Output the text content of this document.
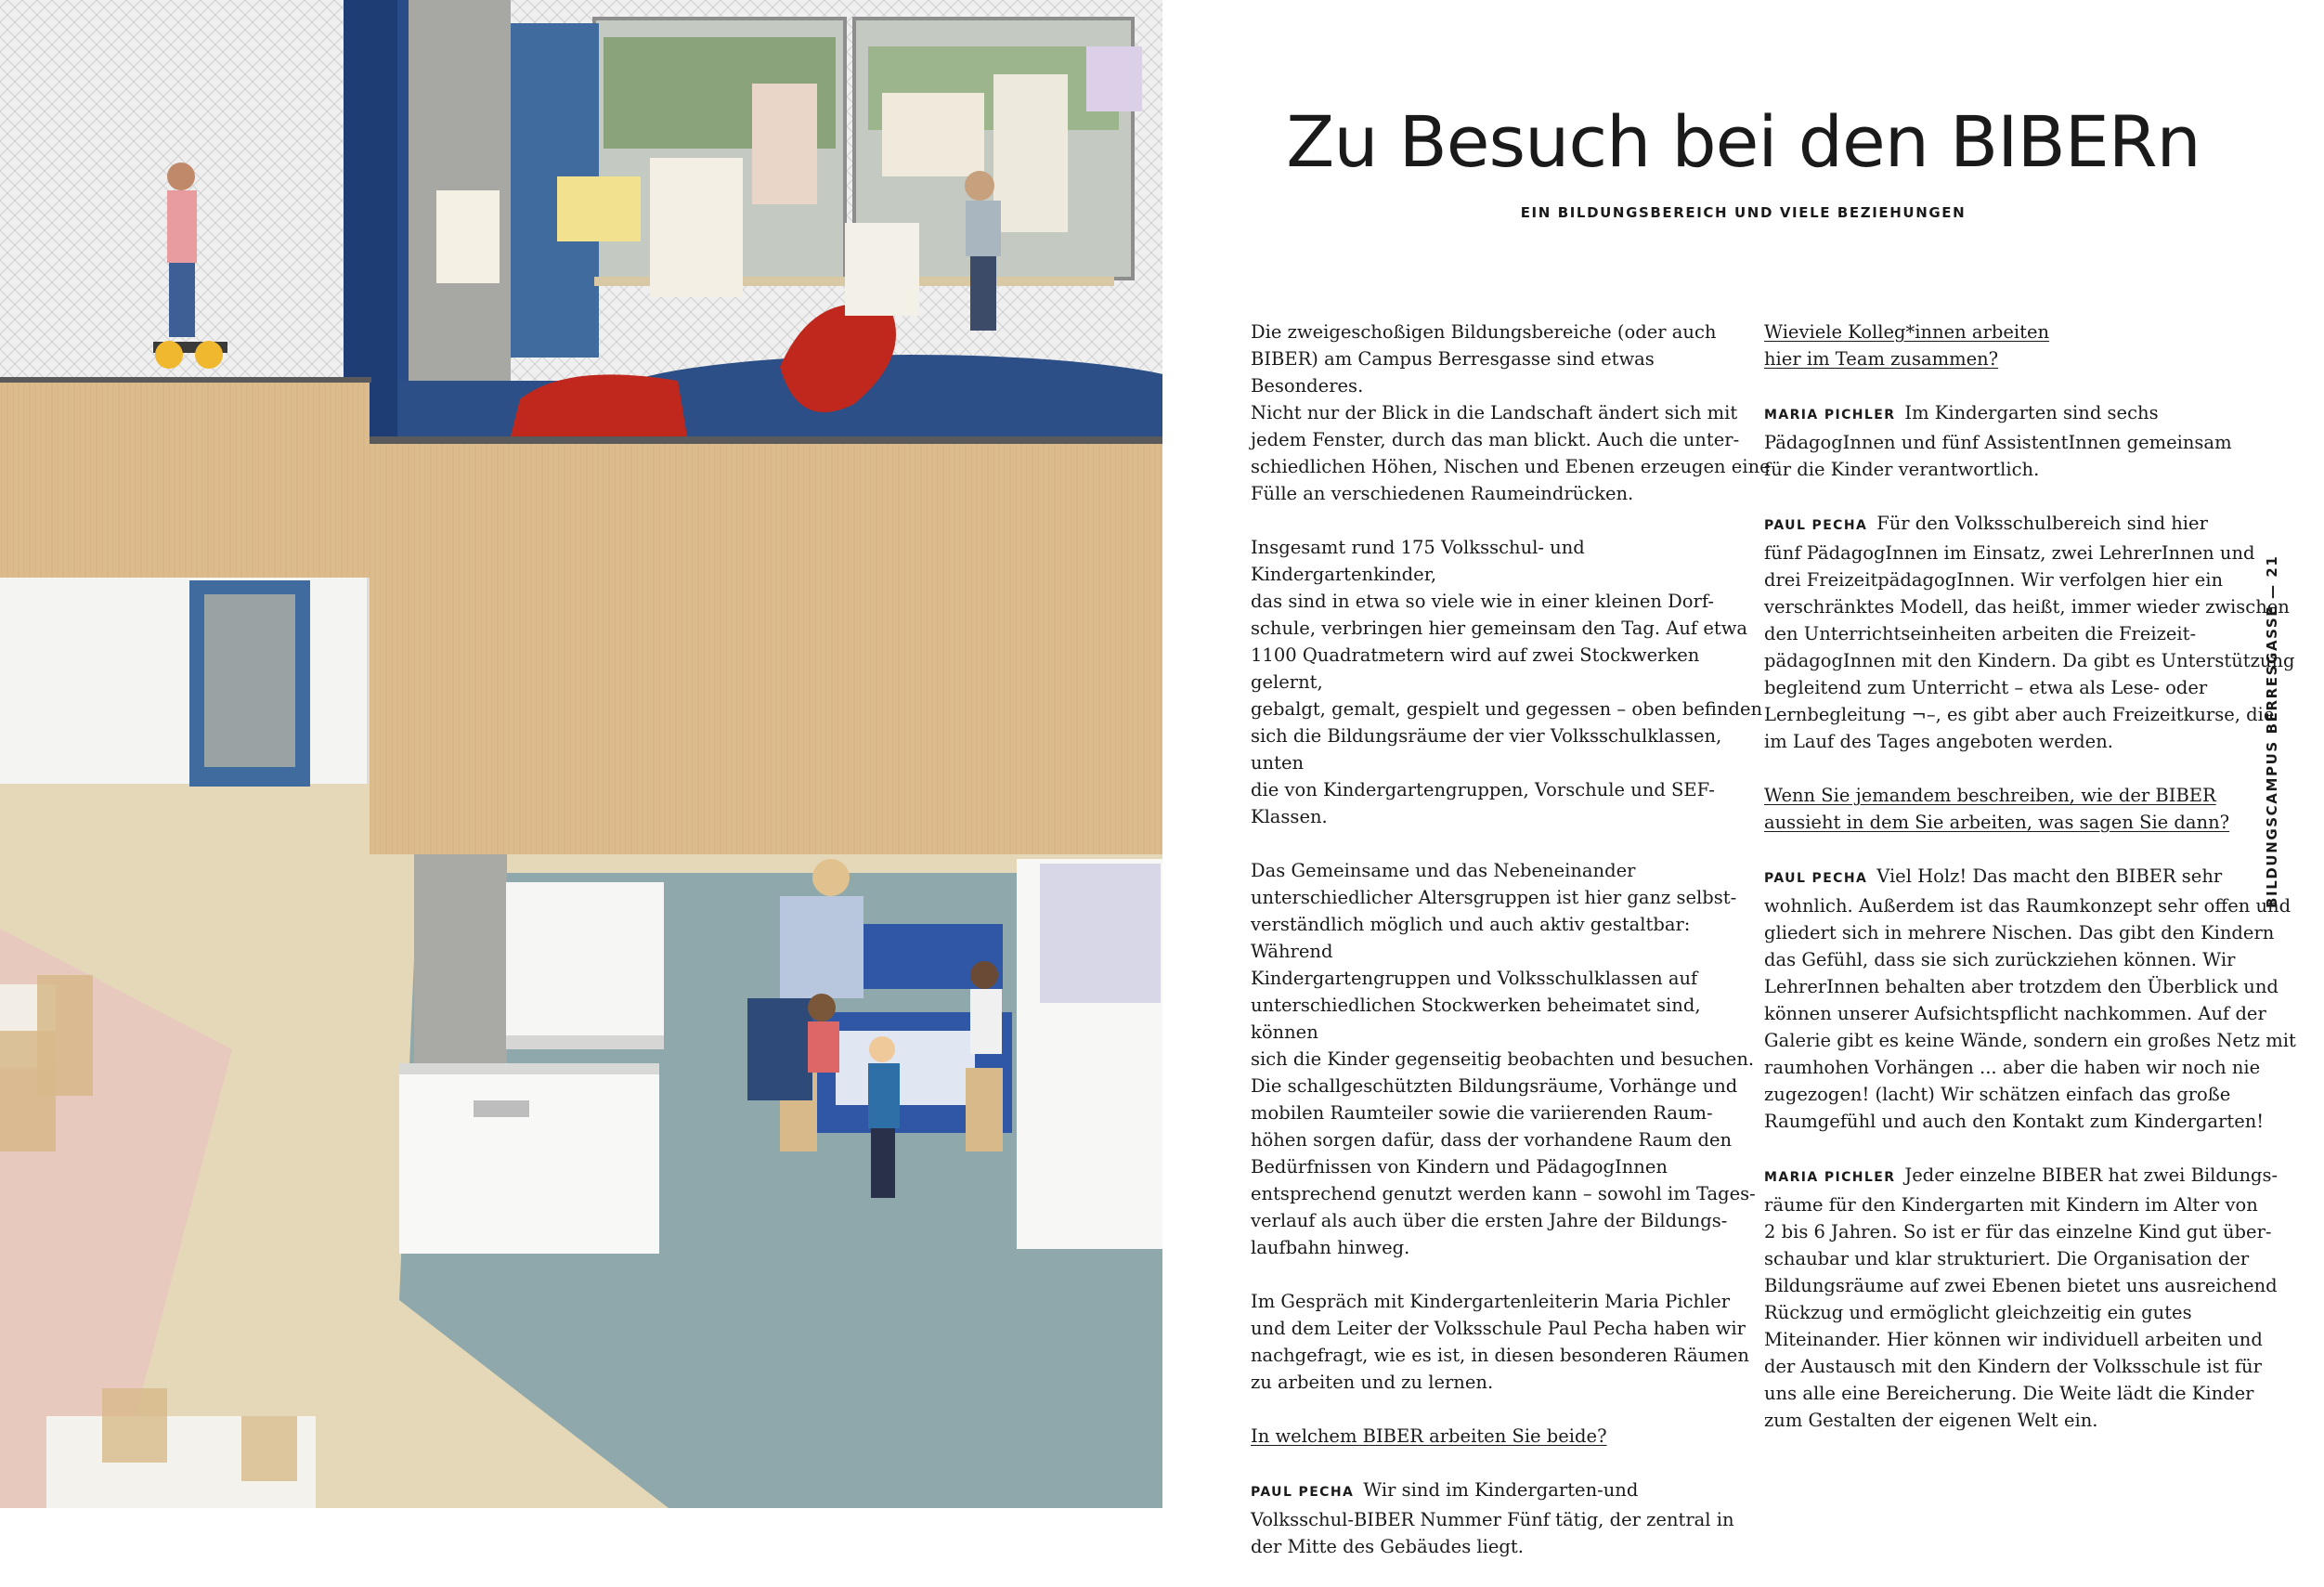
Zu Besuch bei den BIBERn
EIN BILDUNGSBEREICH UND VIELE BEZIEHUNGEN

Die zweigeschoßigen Bildungsbereiche (oder auch
BIBER) am Campus Berresgasse sind etwas Besonderes.
Nicht nur der Blick in die Landschaft ändert sich mit
jedem Fenster, durch das man blickt. Auch die unter-
schiedlichen Höhen, Nischen und Ebenen erzeugen eine
Fülle an verschiedenen Raumeindrücken.

Insgesamt rund 175 Volksschul- und Kindergartenkinder,
das sind in etwa so viele wie in einer kleinen Dorf-
schule, verbringen hier gemeinsam den Tag. Auf etwa
1100 Quadratmetern wird auf zwei Stockwerken gelernt,
gebalgt, gemalt, gespielt und gegessen – oben befinden
sich die Bildungsräume der vier Volksschulklassen, unten
die von Kindergartengruppen, Vorschule und SEF-Klassen.

Das Gemeinsame und das Nebeneinander
unterschiedlicher Altersgruppen ist hier ganz selbst-
verständlich möglich und auch aktiv gestaltbar: Während
Kindergartengruppen und Volksschulklassen auf
unterschiedlichen Stockwerken beheimatet sind, können
sich die Kinder gegenseitig beobachten und besuchen.
Die schallgeschützten Bildungsräume, Vorhänge und
mobilen Raumteiler sowie die variierenden Raum-
höhen sorgen dafür, dass der vorhandene Raum den
Bedürfnissen von Kindern und PädagogInnen
entsprechend genutzt werden kann – sowohl im Tages-
verlauf als auch über die ersten Jahre der Bildungs-
laufbahn hinweg.

Im Gespräch mit Kindergartenleiterin Maria Pichler
und dem Leiter der Volksschule Paul Pecha haben wir
nachgefragt, wie es ist, in diesen besonderen Räumen
zu arbeiten und zu lernen.

In welchem BIBER arbeiten Sie beide?

PAUL PECHA Wir sind im Kindergarten-und
Volksschul-BIBER Nummer Fünf tätig, der zentral in
der Mitte des Gebäudes liegt.

Wieviele Kolleg*innen arbeiten
hier im Team zusammen?

MARIA PICHLER Im Kindergarten sind sechs
PädagogInnen und fünf AssistentInnen gemeinsam
für die Kinder verantwortlich.

PAUL PECHA Für den Volksschulbereich sind hier
fünf PädagogInnen im Einsatz, zwei LehrerInnen und
drei FreizeitpädagogInnen. Wir verfolgen hier ein
verschränktes Modell, das heißt, immer wieder zwischen
den Unterrichtseinheiten arbeiten die Freizeit-
pädagogInnen mit den Kindern. Da gibt es Unterstützung
begleitend zum Unterricht – etwa als Lese- oder
Lernbegleitung ¬–, es gibt aber auch Freizeitkurse, die
im Lauf des Tages angeboten werden.

Wenn Sie jemandem beschreiben, wie der BIBER
aussieht in dem Sie arbeiten, was sagen Sie dann?

PAUL PECHA Viel Holz! Das macht den BIBER sehr
wohnlich. Außerdem ist das Raumkonzept sehr offen und
gliedert sich in mehrere Nischen. Das gibt den Kindern
das Gefühl, dass sie sich zurückziehen können. Wir
LehrerInnen behalten aber trotzdem den Überblick und
können unserer Aufsichtspflicht nachkommen. Auf der
Galerie gibt es keine Wände, sondern ein großes Netz mit
raumhohen Vorhängen ... aber die haben wir noch nie
zugezogen! (lacht) Wir schätzen einfach das große
Raumgefühl und auch den Kontakt zum Kindergarten!

MARIA PICHLER Jeder einzelne BIBER hat zwei Bildungs-
räume für den Kindergarten mit Kindern im Alter von
2 bis 6 Jahren. So ist er für das einzelne Kind gut über-
schaubar und klar strukturiert. Die Organisation der
Bildungsräume auf zwei Ebenen bietet uns ausreichend
Rückzug und ermöglicht gleichzeitig ein gutes
Miteinander. Hier können wir individuell arbeiten und
der Austausch mit den Kindern der Volksschule ist für
uns alle eine Bereicherung. Die Weite lädt die Kinder
zum Gestalten der eigenen Welt ein.

BILDUNGSCAMPUS BERRESGASSE — 21
